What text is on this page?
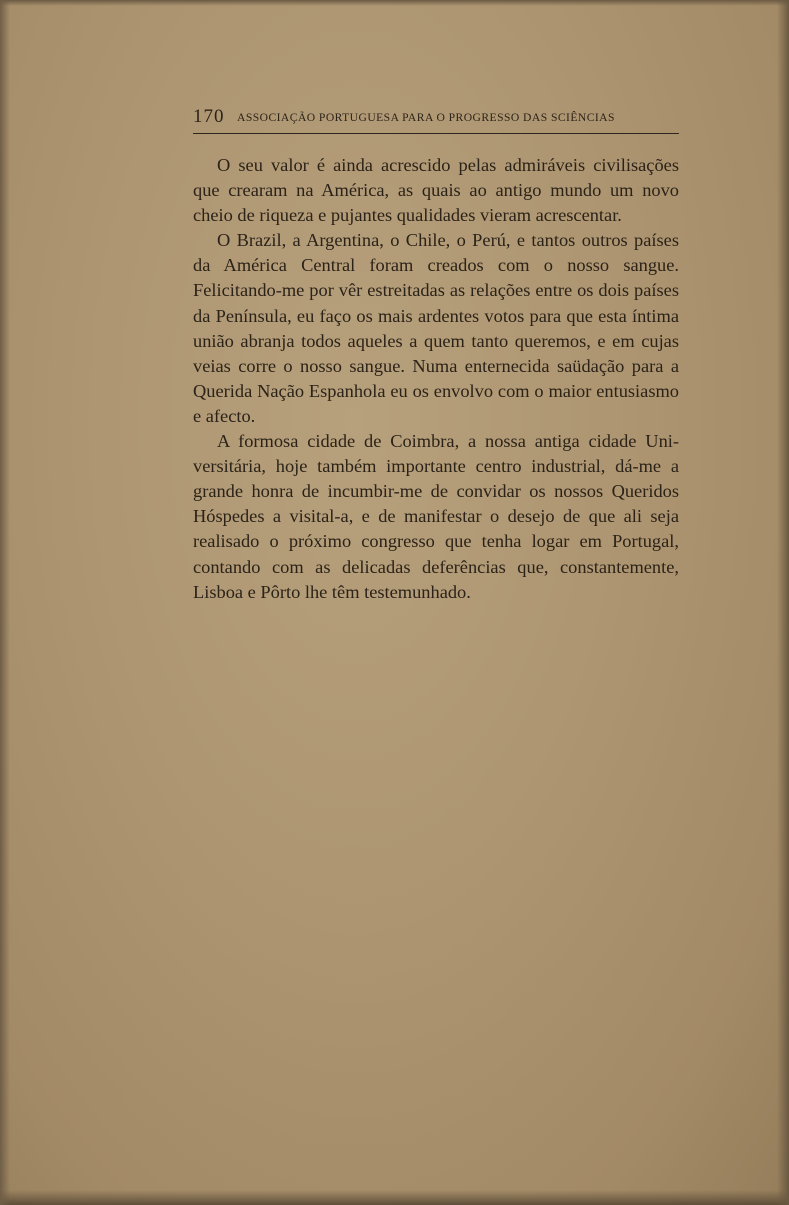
170 ASSOCIAÇÃO PORTUGUESA PARA O PROGRESSO DAS SCIÊNCIAS

O seu valor é ainda acrescido pelas admiráveis civilisações que crearam na América, as quais ao antigo mundo um novo cheio de riqueza e pujantes qualidades vieram acrescentar.

O Brazil, a Argentina, o Chile, o Perú, e tantos outros países da América Central foram creados com o nosso sangue. Felicitando-me por vêr estreitadas as relações entre os dois países da Península, eu faço os mais ardentes votos para que esta íntima união abranja todos aqueles a quem tanto queremos, e em cujas veias corre o nosso sangue. Numa enternecida saüdação para a Querida Nação Espanhola eu os envolvo com o maior entusiasmo e afecto.

A formosa cidade de Coimbra, a nossa antiga cidade Universitária, hoje também importante centro industrial, dá-me a grande honra de incumbir-me de convidar os nossos Queridos Hóspedes a visital-a, e de manifestar o desejo de que ali seja realisado o próximo congresso que tenha logar em Portugal, contando com as delicadas deferências que, constantemente, Lisboa e Pôrto lhe têm testemunhado.
